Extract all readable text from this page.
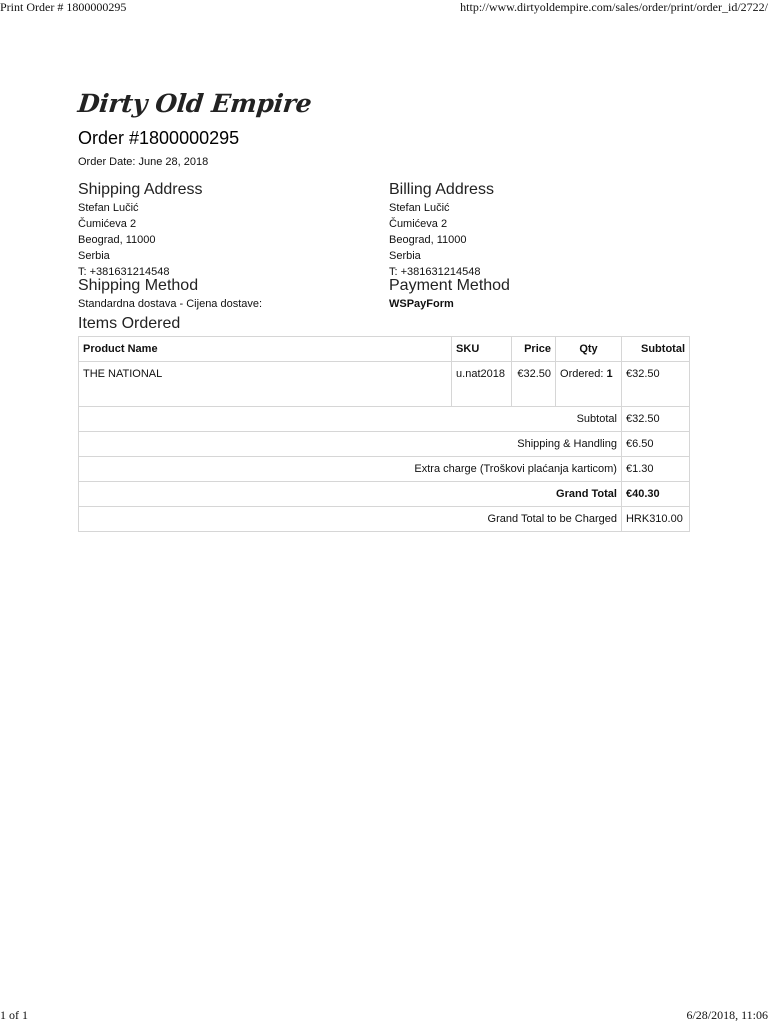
Print Order # 1800000295	http://www.dirtyoldempire.com/sales/order/print/order_id/2722/
Dirty Old Empire
Order #1800000295
Order Date: June 28, 2018
Shipping Address
Stefan Lučić
Čumićeva 2
Beograd, 11000
Serbia
T: +381631214548
Billing Address
Stefan Lučić
Čumićeva 2
Beograd, 11000
Serbia
T: +381631214548
Shipping Method
Standardna dostava - Cijena dostave:
Payment Method
WSPayForm
Items Ordered
Product Name	SKU	Price	Qty	Subtotal
THE NATIONAL	u.nat2018	€32.50	Ordered: 1	€32.50
Subtotal				€32.50
Shipping & Handling				€6.50
Extra charge (Troškovi plaćanja karticom)				€1.30
Grand Total				€40.30
Grand Total to be Charged				HRK310.00
1 of 1	6/28/2018, 11:06
